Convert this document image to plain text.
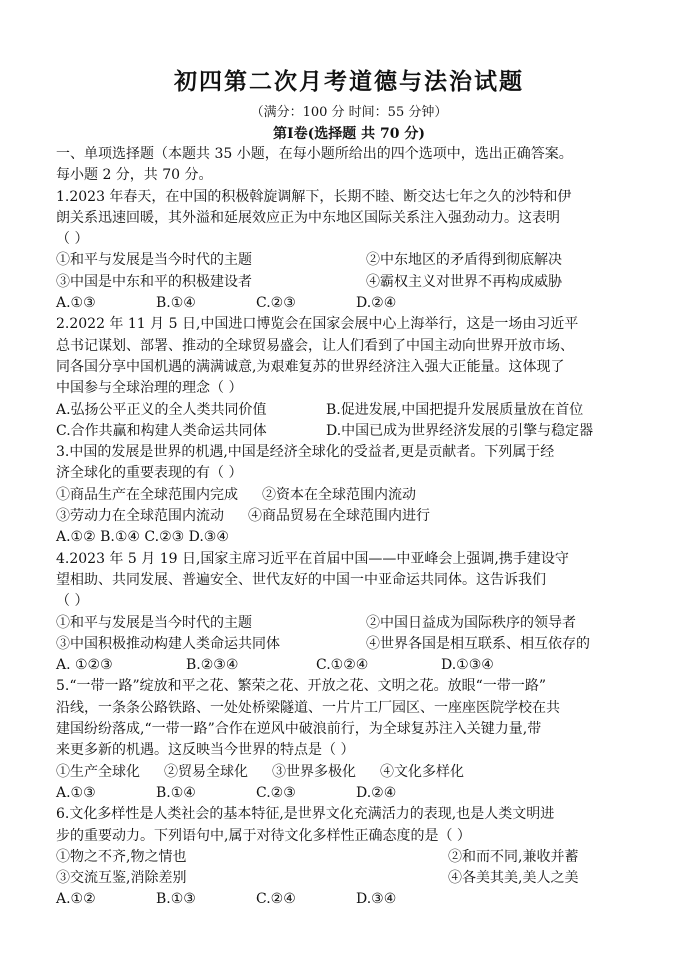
初四第二次月考道德与法治试题
（满分：100 分 时间：55 分钟）
第Ⅰ卷(选择题 共 70 分)
一、单项选择题（本题共 35 小题，在每小题所给出的四个选项中，选出正确答案。
每小题 2 分，共 70 分。
1.2023 年春天，在中国的积极斡旋调解下，长期不睦、断交达七年之久的沙特和伊
朗关系迅速回暖，其外溢和延展效应正为中东地区国际关系注入强劲动力。这表明
（ ）
①和平与发展是当今时代的主题	②中东地区的矛盾得到彻底解决
③中国是中东和平的积极建设者	④霸权主义对世界不再构成威胁
A.①③	B.①④	C.②③	D.②④
2.2022 年 11 月 5 日,中国进口博览会在国家会展中心上海举行，这是一场由习近平
总书记谋划、部署、推动的全球贸易盛会，让人们看到了中国主动向世界开放市场、
同各国分享中国机遇的满满诚意,为艰难复苏的世界经济注入强大正能量。这体现了
中国参与全球治理的理念（ ）
A.弘扬公平正义的全人类共同价值	B.促进发展,中国把提升发展质量放在首位
C.合作共赢和构建人类命运共同体	D.中国已成为世界经济发展的引擎与稳定器
3.中国的发展是世界的机遇,中国是经济全球化的受益者,更是贡献者。下列属于经
济全球化的重要表现的有（ ）
①商品生产在全球范围内完成 ②资本在全球范围内流动
③劳动力在全球范围内流动 ④商品贸易在全球范围内进行
A.①② B.①④ C.②③ D.③④
4.2023 年 5 月 19 日,国家主席习近平在首届中国——中亚峰会上强调,携手建设守
望相助、共同发展、普遍安全、世代友好的中国一中亚命运共同体。这告诉我们
（ ）
①和平与发展是当今时代的主题	②中国日益成为国际秩序的领导者
③中国积极推动构建人类命运共同体	④世界各国是相互联系、相互依存的
A. ①②③	B.②③④	C.①②④	D.①③④
5.“一带一路”绽放和平之花、繁荣之花、开放之花、文明之花。放眼“一带一路”
沿线，一条条公路铁路、一处处桥梁隧道、一片片工厂园区、一座座医院学校在共
建国纷纷落成,“一带一路”合作在逆风中破浪前行，为全球复苏注入关键力量,带
来更多新的机遇。这反映当今世界的特点是（ ）
①生产全球化 ②贸易全球化 ③世界多极化 ④文化多样化
A.①③	B.①④	C.②③	D.②④
6.文化多样性是人类社会的基本特征,是世界文化充满活力的表现,也是人类文明进
步的重要动力。下列语句中,属于对待文化多样性正确态度的是（ ）
①物之不齐,物之情也	②和而不同,兼收并蓄
③交流互鉴,消除差别	④各美其美,美人之美
A.①②	B.①③	C.②④	D.③④
